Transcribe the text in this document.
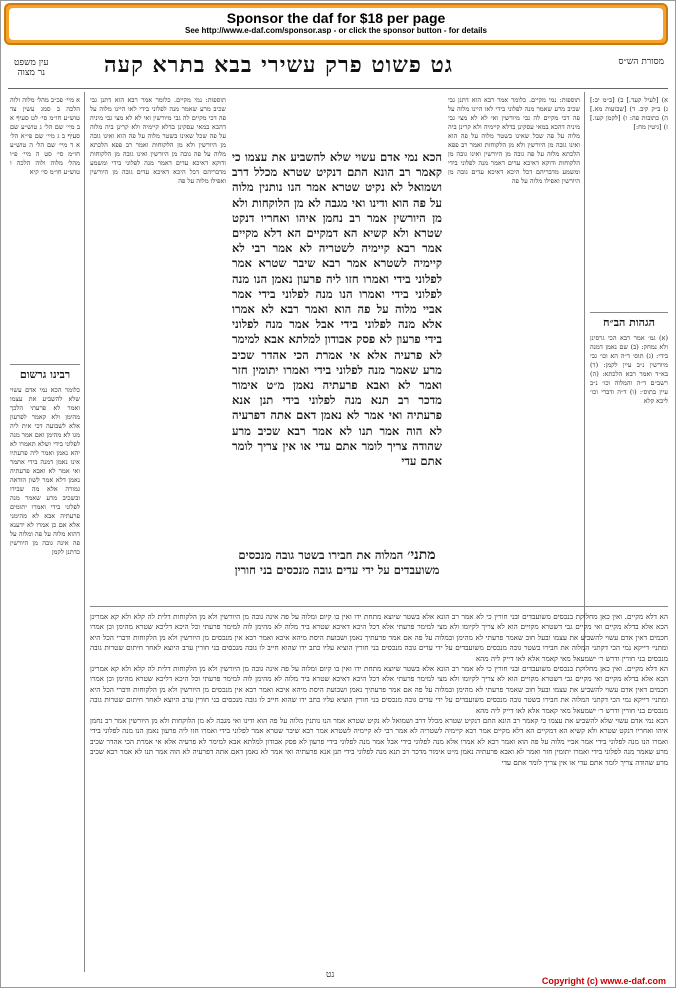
Sponsor the daf for $18 per page
See http://www.e-daf.com/sponsor.asp - or click the sponsor button - for details
עין משפט
נר מצוה	גט פשוט פרק עשירי בבא בתרא קעה	מסורת הש״ס

א מיי׳ פכ״ב מהל׳ מלוה ולוה הלכה ב סמג עשין צד טוש״ע חו״מ סי׳ לט סעיף א ב מיי׳ שם הל׳ ג טוש״ע שם סעיף ב ג מיי׳ שם פי״א הל׳ א ד מיי׳ שם הל׳ ה טוש״ע חו״מ סי׳ סט ה מיי׳ פ״ו מהל׳ מלוה ולוה הלכה ו טוש״ע חו״מ סי׳ קיא

רבינו גרשום

כלומר הכא נמי אדם עשוי שלא להשביע את עצמו ואמר לא פרעתי הלכך מהימן ולא קאמר לפרעון אלא לשבועה דכי אית ליה מגו לא מהימן ואם אמר מנה לפלוני בידי ושלא תאמרו לא יהא נאמן ואמר ליה פרעתיו אינו נאמן דמנה בידי אתמר ואי אמר לא ואבא פרעתיה נאמן דלא אמר לשון הודאה גמורה אלא מה שבידו ובשכיב מרע שאמר מנה לפלוני בידי ואמרו יתומים פרעתיה אבא לא מהימני אלא אם כן אמרו לא ידענא דהוא מלוה על פה ומלוה על פה אינה גובה מן היורשין כדתנן לקמן

תוספות: נמי מקיים. כלומר אמר רבא הוא דתנן גבי שכיב מרע שאמר מנה לפלוני בידי לאו היינו מלוה על פה דכי מקיים לה גבי מיורשין ואי לא לא מצי גבי מיניה דהכא במאי עסקינן בדלא קיימיה ולא קרינן ביה מלוה על פה שכל שאינו בשטר מלוה על פה הוא ואינו גובה מן היורשין ולא מן הלקוחות ואמר רב פפא הלכתא מלוה על פה גובה מן היורשין ואינו גובה מן הלקוחות ודוקא דאיכא עדים דאמר מנה לפלוני בידי ומשמע מדבריהם דכל היכא דאיכא עדים גובה מן היורשין ואפילו מלוה על פה

הכא נמי אדם עשוי שלא להשביע את עצמו כי קאמר רב הונא התם דנקיט שטרא מכלל דרב ושמואל לא נקיט שטרא אמר הנו נותנין מלוה על פה הוא ודינו ואי מגבה לא מן הלוקחות ולא מן היורשין אמר רב נחמן איהו ואחריו דנקט שטרא ולא קשיא הא דמקיים הא דלא מקיים אמר רבא קיימיה לשטריה לא אמר רבי לא קיימיה לשטרא אמר רבא שיבר שטרא אמר לפלוני בידי ואמרו חזו ליה פרעון נאמן הנו מנה לפלוני בידי ואמרו הנו מנה לפלוני בידי אמר אביי מלוה על פה הוא ואמר רבא לא אמרו אלא מנה לפלוני בידי אבל אמר מנה לפלוני בידי פרעון לא פסק אבודון למלתא אבא למימר לא פרעיה אלא אי אמרת הכי אהדר שכיב מרע שאמר מנה לפלוני בידי ואמרו יתומין חזר ואמר לא ואבא פרעתיה נאמן מ״ט אימור מדכר רב תנא מנה לפלוני בידי תנן אנא פרעתיה ואי אמר לא נאמן דאם אתה דפרעיה לא הוה אמר תנו לא אמר רבא שכיב מרע שהודה צריך לומר אתם עדי או אין צריך לומר אתם עדי

מתני׳ המלוה את חבירו בשטר גובה מנכסים משועבדים על ידי עדים גובה מנכסים בני חורין

תוספות: נמי מקיים. כלומר אמר רבא הוא דתנן גבי שכיב מרע שאמר מנה לפלוני בידי לאו היינו מלוה על פה דכי מקיים לה גבי מיורשין ואי לא לא מצי גבי מיניה דהכא במאי עסקינן בדלא קיימיה ולא קרינן ביה מלוה על פה שכל שאינו בשטר מלוה על פה הוא ואינו גובה מן היורשין ולא מן הלקוחות ואמר רב פפא הלכתא מלוה על פה גובה מן היורשין ואינו גובה מן הלקוחות ודוקא דאיכא עדים דאמר מנה לפלוני בידי ומשמע מדבריהם דכל היכא דאיכא עדים גובה מן היורשין ואפילו מלוה על פה

א) [לעיל קעד.] ב) [ב״מ יב:] ג) ב״ק קיב. ד) [שבועות מא.] ה) כתובות פה: ו) [לקמן קעו.] ז) [גיטין מח:]

הגהות הב״ח

(א) גמ׳ אמר רבא הכי גרסינן ולא נמחק: (ב) שם נאמן דמנה בידי: (ג) תוס׳ ד״ה הא וכו׳ גבי מיורשין נ״ב עיין לקמן: (ד) בא״ד ואמר רבא הלכתא: (ה) רשב״ם ד״ה והמלוה וכו׳ נ״ב עיין בתוס׳: (ו) ד״ה ודברי וכו׳ ליכא קלא

הא דלא מקיים. ואין כאן מחלוקת בנכסים משועבדים ובני חורין כי לא אמר רב הונא אלא בשטר שיוצא מתחת ידו ואין בו קיום ומלוה על פה אינה גובה מן היורשין ולא מן הלקוחות דלית לה קלא ולא קא אמרינן הכא אלא בדלא מקיים ואי מקיים גבי דשטרא מקויים הוא לא צריך לקיומו ולא מצי למימר פרעתי אלא דכל היכא דאיכא שטרא ביד מלוה לא מהימן לוה למימר פרעתי וכל היכא דליכא שטרא מהימן וכן אמרו חכמים דאין אדם עשוי להשביע את עצמו ובעל חוב שאמר פרעתי לא מהימן ובמלוה על פה אם אמר פרעתיך נאמן ושבועת היסת מיהא איכא ואמר רבא אין מנכסים מן היורשין ולא מן הלקוחות ודברי הכל היא ומתני׳ דייקא נמי הכי דקתני המלוה את חבירו בשטר גובה מנכסים משועבדים על ידי עדים גובה מנכסים בני חורין הוציא עליו כתב ידו שהוא חייב לו גובה מנכסים בני חורין ערב היוצא לאחר חיתום שטרות גובה מנכסים בני חורין ודרש ר׳ ישמעאל מאי קאמר אלא לאו דייק ליה מהא

הא דלא מקיים. ואין כאן מחלוקת בנכסים משועבדים ובני חורין כי לא אמר רב הונא אלא בשטר שיוצא מתחת ידו ואין בו קיום ומלוה על פה אינה גובה מן היורשין ולא מן הלקוחות דלית לה קלא ולא קא אמרינן הכא אלא בדלא מקיים ואי מקיים גבי דשטרא מקויים הוא לא צריך לקיומו ולא מצי למימר פרעתי אלא דכל היכא דאיכא שטרא ביד מלוה לא מהימן לוה למימר פרעתי וכל היכא דליכא שטרא מהימן וכן אמרו חכמים דאין אדם עשוי להשביע את עצמו ובעל חוב שאמר פרעתי לא מהימן ובמלוה על פה אם אמר פרעתיך נאמן ושבועת היסת מיהא איכא ואמר רבא אין מנכסים מן היורשין ולא מן הלקוחות ודברי הכל היא ומתני׳ דייקא נמי הכי דקתני המלוה את חבירו בשטר גובה מנכסים משועבדים על ידי עדים גובה מנכסים בני חורין הוציא עליו כתב ידו שהוא חייב לו גובה מנכסים בני חורין ערב היוצא לאחר חיתום שטרות גובה מנכסים בני חורין ודרש ר׳ ישמעאל מאי קאמר אלא לאו דייק ליה מהא

הכא נמי אדם עשוי שלא להשביע את עצמו כי קאמר רב הונא התם דנקיט שטרא מכלל דרב ושמואל לא נקיט שטרא אמר הנו נותנין מלוה על פה הוא ודינו ואי מגבה לא מן הלוקחות ולא מן היורשין אמר רב נחמן איהו ואחריו דנקט שטרא ולא קשיא הא דמקיים הא דלא מקיים אמר רבא קיימיה לשטריה לא אמר רבי לא קיימיה לשטרא אמר רבא שיבר שטרא אמר לפלוני בידי ואמרו חזו ליה פרעון נאמן הנו מנה לפלוני בידי ואמרו הנו מנה לפלוני בידי אמר אביי מלוה על פה הוא ואמר רבא לא אמרו אלא מנה לפלוני בידי אבל אמר מנה לפלוני בידי פרעון לא פסק אבודון למלתא אבא למימר לא פרעיה אלא אי אמרת הכי אהדר שכיב מרע שאמר מנה לפלוני בידי ואמרו יתומין חזר ואמר לא ואבא פרעתיה נאמן מ״ט אימור מדכר רב תנא מנה לפלוני בידי תנן אנא פרעתיה ואי אמר לא נאמן דאם אתה דפרעיה לא הוה אמר תנו לא אמר רבא שכיב מרע שהודה צריך לומר אתם עדי או אין צריך לומר אתם עדי

נט
Copyright (c) www.e-daf.com
